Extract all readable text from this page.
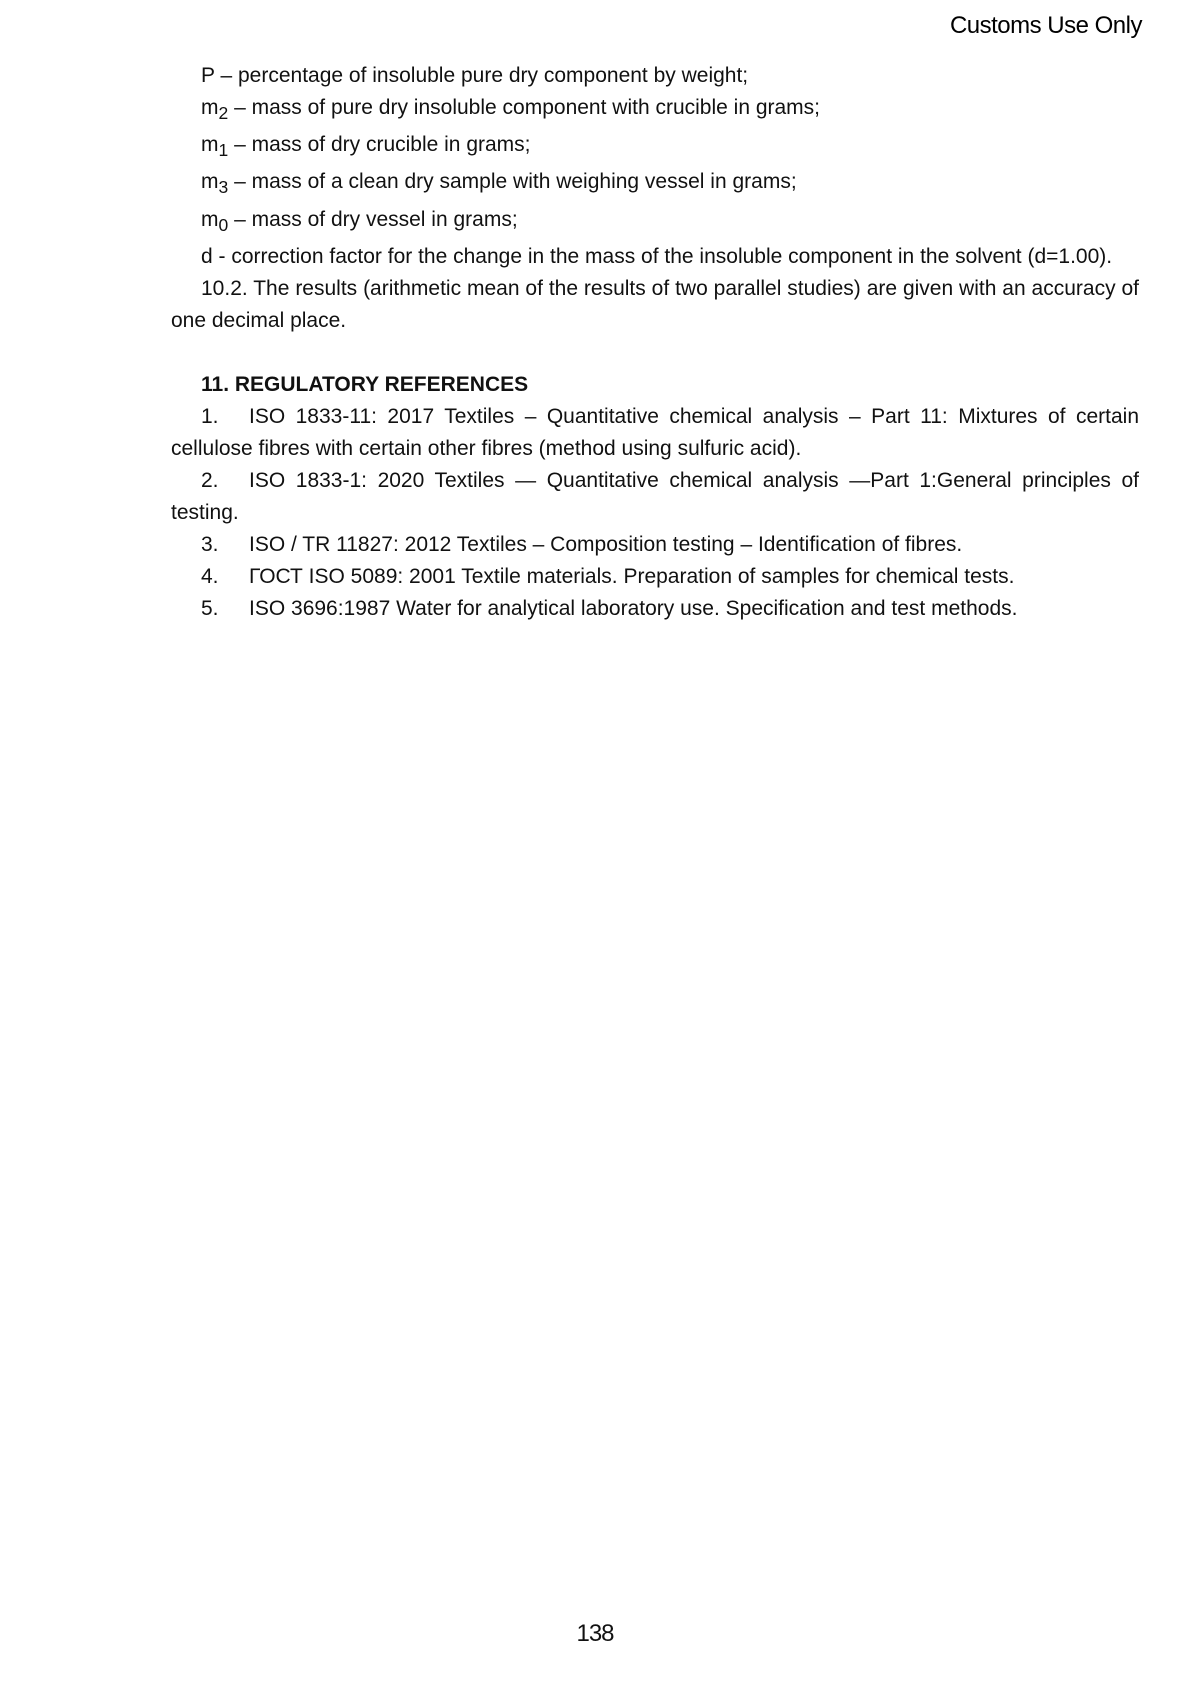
Customs Use Only

P – percentage of insoluble pure dry component by weight;

$m_2$ – mass of pure dry insoluble component with crucible in grams;

$m_1$ – mass of dry crucible in grams;

$m_3$ – mass of a clean dry sample with weighing vessel in grams;

$m_0$ – mass of dry vessel in grams;

d - correction factor for the change in the mass of the insoluble component in the solvent (d=1.00).

10.2. The results (arithmetic mean of the results of two parallel studies) are given with an accuracy of one decimal place.

11. REGULATORY REFERENCES

1. ISO 1833-11: 2017 Textiles – Quantitative chemical analysis – Part 11: Mixtures of certain cellulose fibres with certain other fibres (method using sulfuric acid).

2. ISO 1833-1: 2020 Textiles — Quantitative chemical analysis —Part 1:General principles of testing.

3. ISO / TR 11827: 2012 Textiles – Composition testing – Identification of fibres.

4. ГОСТ ISO 5089: 2001 Textile materials. Preparation of samples for chemical tests.

5. ISO 3696:1987 Water for analytical laboratory use. Specification and test methods.

138
